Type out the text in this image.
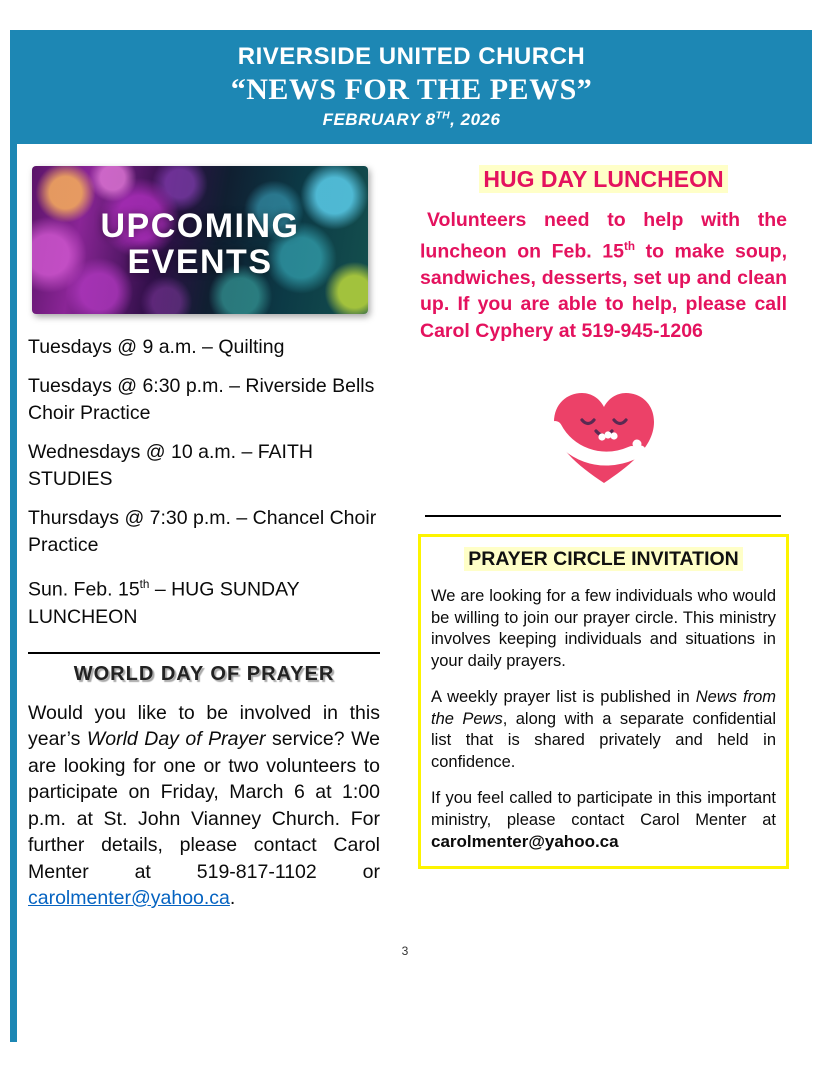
RIVERSIDE UNITED CHURCH
“NEWS FOR THE PEWS”
FEBRUARY 8TH, 2026
UPCOMING
EVENTS

Tuesdays @ 9 a.m. – Quilting

Tuesdays @ 6:30 p.m. – Riverside Bells Choir Practice

Wednesdays @ 10 a.m. – FAITH STUDIES

Thursdays @ 7:30 p.m. – Chancel Choir Practice

Sun. Feb. 15th – HUG SUNDAY LUNCHEON

WORLD DAY OF PRAYER

Would you like to be involved in this year’s World Day of Prayer service? We are looking for one or two volunteers to participate on Friday, March 6 at 1:00 p.m. at St. John Vianney Church. For further details, please contact Carol Menter at 519-817-1102 or carolmenter@yahoo.ca.

HUG DAY LUNCHEON

Volunteers need to help with the luncheon on Feb. 15th to make soup, sandwiches, desserts, set up and clean up. If you are able to help, please call Carol Cyphery at 519-945-1206

PRAYER CIRCLE INVITATION

We are looking for a few individuals who would be willing to join our prayer circle. This ministry involves keeping individuals and situations in your daily prayers.

A weekly prayer list is published in News from the Pews, along with a separate confidential list that is shared privately and held in confidence.

If you feel called to participate in this important ministry, please contact Carol Menter at carolmenter@yahoo.ca

3
